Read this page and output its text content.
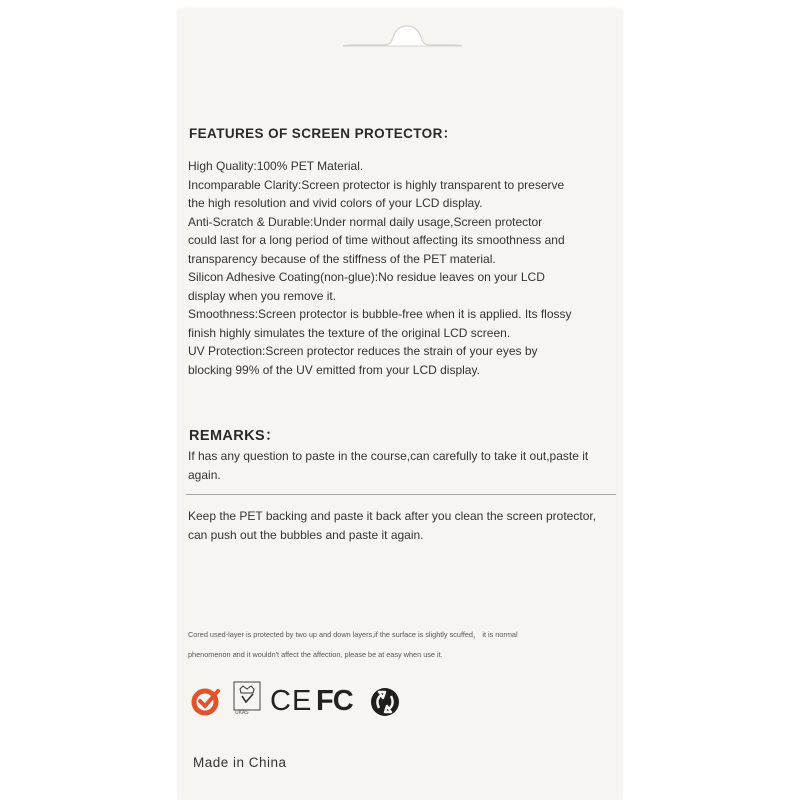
FEATURES OF SCREEN PROTECTOR：
High Quality:100% PET Material.
Incomparable Clarity:Screen protector is highly transparent to preserve
the high resolution and vivid colors of your LCD display.
Anti-Scratch & Durable:Under normal daily usage,Screen protector
could last for a long period of time without affecting its smoothness and
transparency because of the stiffness of the PET material.
Silicon Adhesive Coating(non-glue):No residue leaves on your LCD
display when you remove it.
Smoothness:Screen protector is bubble-free when it is applied. Its flossy
finish highly simulates the texture of the original LCD screen.
UV Protection:Screen protector reduces the strain of your eyes by
blocking 99% of the UV emitted from your LCD display.
REMARKS：
If has any question to paste in the course,can carefully to take it out,paste it
again.
Keep the PET backing and paste it back after you clean the screen protector,
can push out the bubbles and paste it again.
Cored used-layer is protected by two up and down layers,if the surface is slightly scuffed， it is normal
phenomenon and it wouldn't affect the affection, please be at easy when use it.
UKAS CE FC
Made in China
